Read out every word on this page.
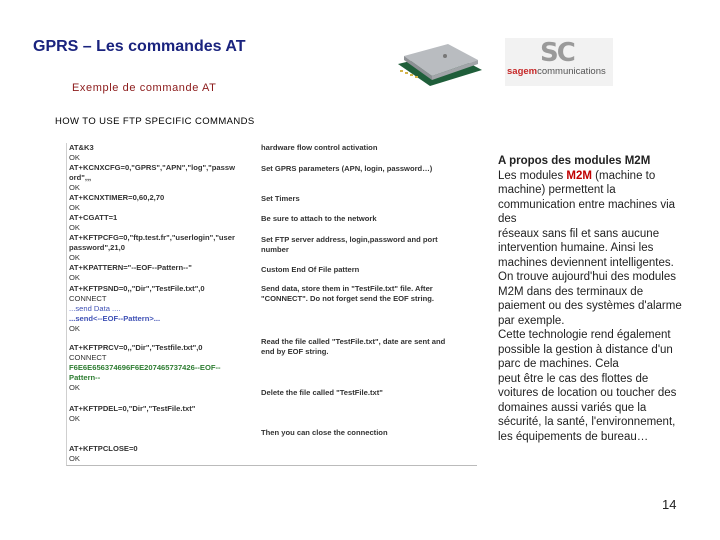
GPRS – Les commandes AT
Exemple de commande AT
HOW TO USE FTP SPECIFIC COMMANDS
SC
sagemcommunications
AT&K3
OK
AT+KCNXCFG=0,"GPRS","APN","log","passw
ord",,,
OK
AT+KCNXTIMER=0,60,2,70
OK
AT+CGATT=1
OK
AT+KFTPCFG=0,"ftp.test.fr","userlogin","user
password",21,0
OK
AT+KPATTERN="--EOF--Pattern--"
OK
AT+KFTPSND=0,,"Dir","TestFile.txt",0
CONNECT
...send Data ....
...send<--EOF--Pattern>...
OK
AT+KFTPRCV=0,,"Dir","Testfile.txt",0
CONNECT
F6E6E656374696F6E207465737426--EOF--
Pattern--
OK
AT+KFTPDEL=0,"Dir","TestFile.txt"
OK
AT+KFTPCLOSE=0
OK
hardware flow control activation
Set GPRS parameters (APN, login, password…)
Set Timers
Be sure to attach to the network
Set FTP server address, login,password and port
number
Custom End Of File pattern
Send data, store them in "TestFile.txt" file. After
"CONNECT". Do not forget send the EOF string.
Read the file called "TestFile.txt", date are sent and
end by EOF string.
Delete the file called "TestFile.txt"
Then you can close the connection

A propos des modules M2M

Les modules M2M (machine to machine) permettent la communication entre machines via des

réseaux sans fil et sans aucune intervention humaine. Ainsi les machines deviennent intelligentes.

On trouve aujourd'hui des modules M2M dans des terminaux de paiement ou des systèmes d'alarme par exemple.

Cette technologie rend également possible la gestion à distance d'un parc de machines. Cela

peut être le cas des flottes de voitures de location ou toucher des domaines aussi variés que la sécurité, la santé, l'environnement, les équipements de bureau…

14
